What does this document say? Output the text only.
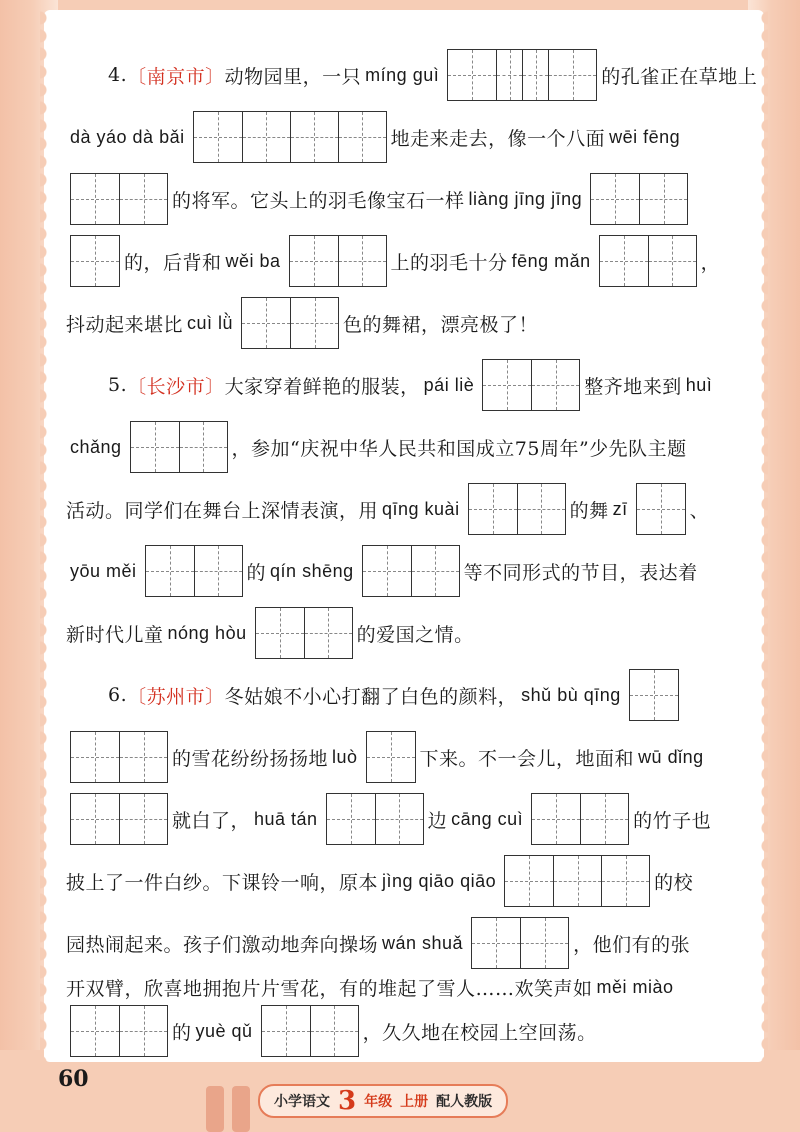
4. 〔南京市〕 动物园里，一只 míng guì	的孔雀正在草地上
dà yáo dà bǎi	地走来走去，像一个八面 wēi fēng
的将军。它头上的羽毛像宝石一样 liàng jīng jīng
的，后背和 wěi ba	上的羽毛十分 fēng mǎn	，
抖动起来堪比 cuì lǜ	色的舞裙，漂亮极了！
5. 〔长沙市〕 大家穿着鲜艳的服装， pái liè	整齐地来到 huì
chǎng	，参加“庆祝中华人民共和国成立75周年”少先队主题
活动。同学们在舞台上深情表演，用 qīng kuài	的舞 zī	、
yōu měi	的 qín shēng	等不同形式的节目，表达着
新时代儿童 nóng hòu	的爱国之情。
6. 〔苏州市〕 冬姑娘不小心打翻了白色的颜料， shǔ bù qīng
的雪花纷纷扬扬地 luò	下来。不一会儿，地面和 wū dǐng
就白了， huā tán	边 cāng cuì	的竹子也
披上了一件白纱。下课铃一响，原本 jìng qiāo qiāo	的校
园热闹起来。孩子们激动地奔向操场 wán shuǎ	，他们有的张
开双臂，欣喜地拥抱片片雪花，有的堆起了雪人……欢笑声如 měi miào
的 yuè qǔ	，久久地在校园上空回荡。
60
小学语文 3 年级 上册 配人教版
